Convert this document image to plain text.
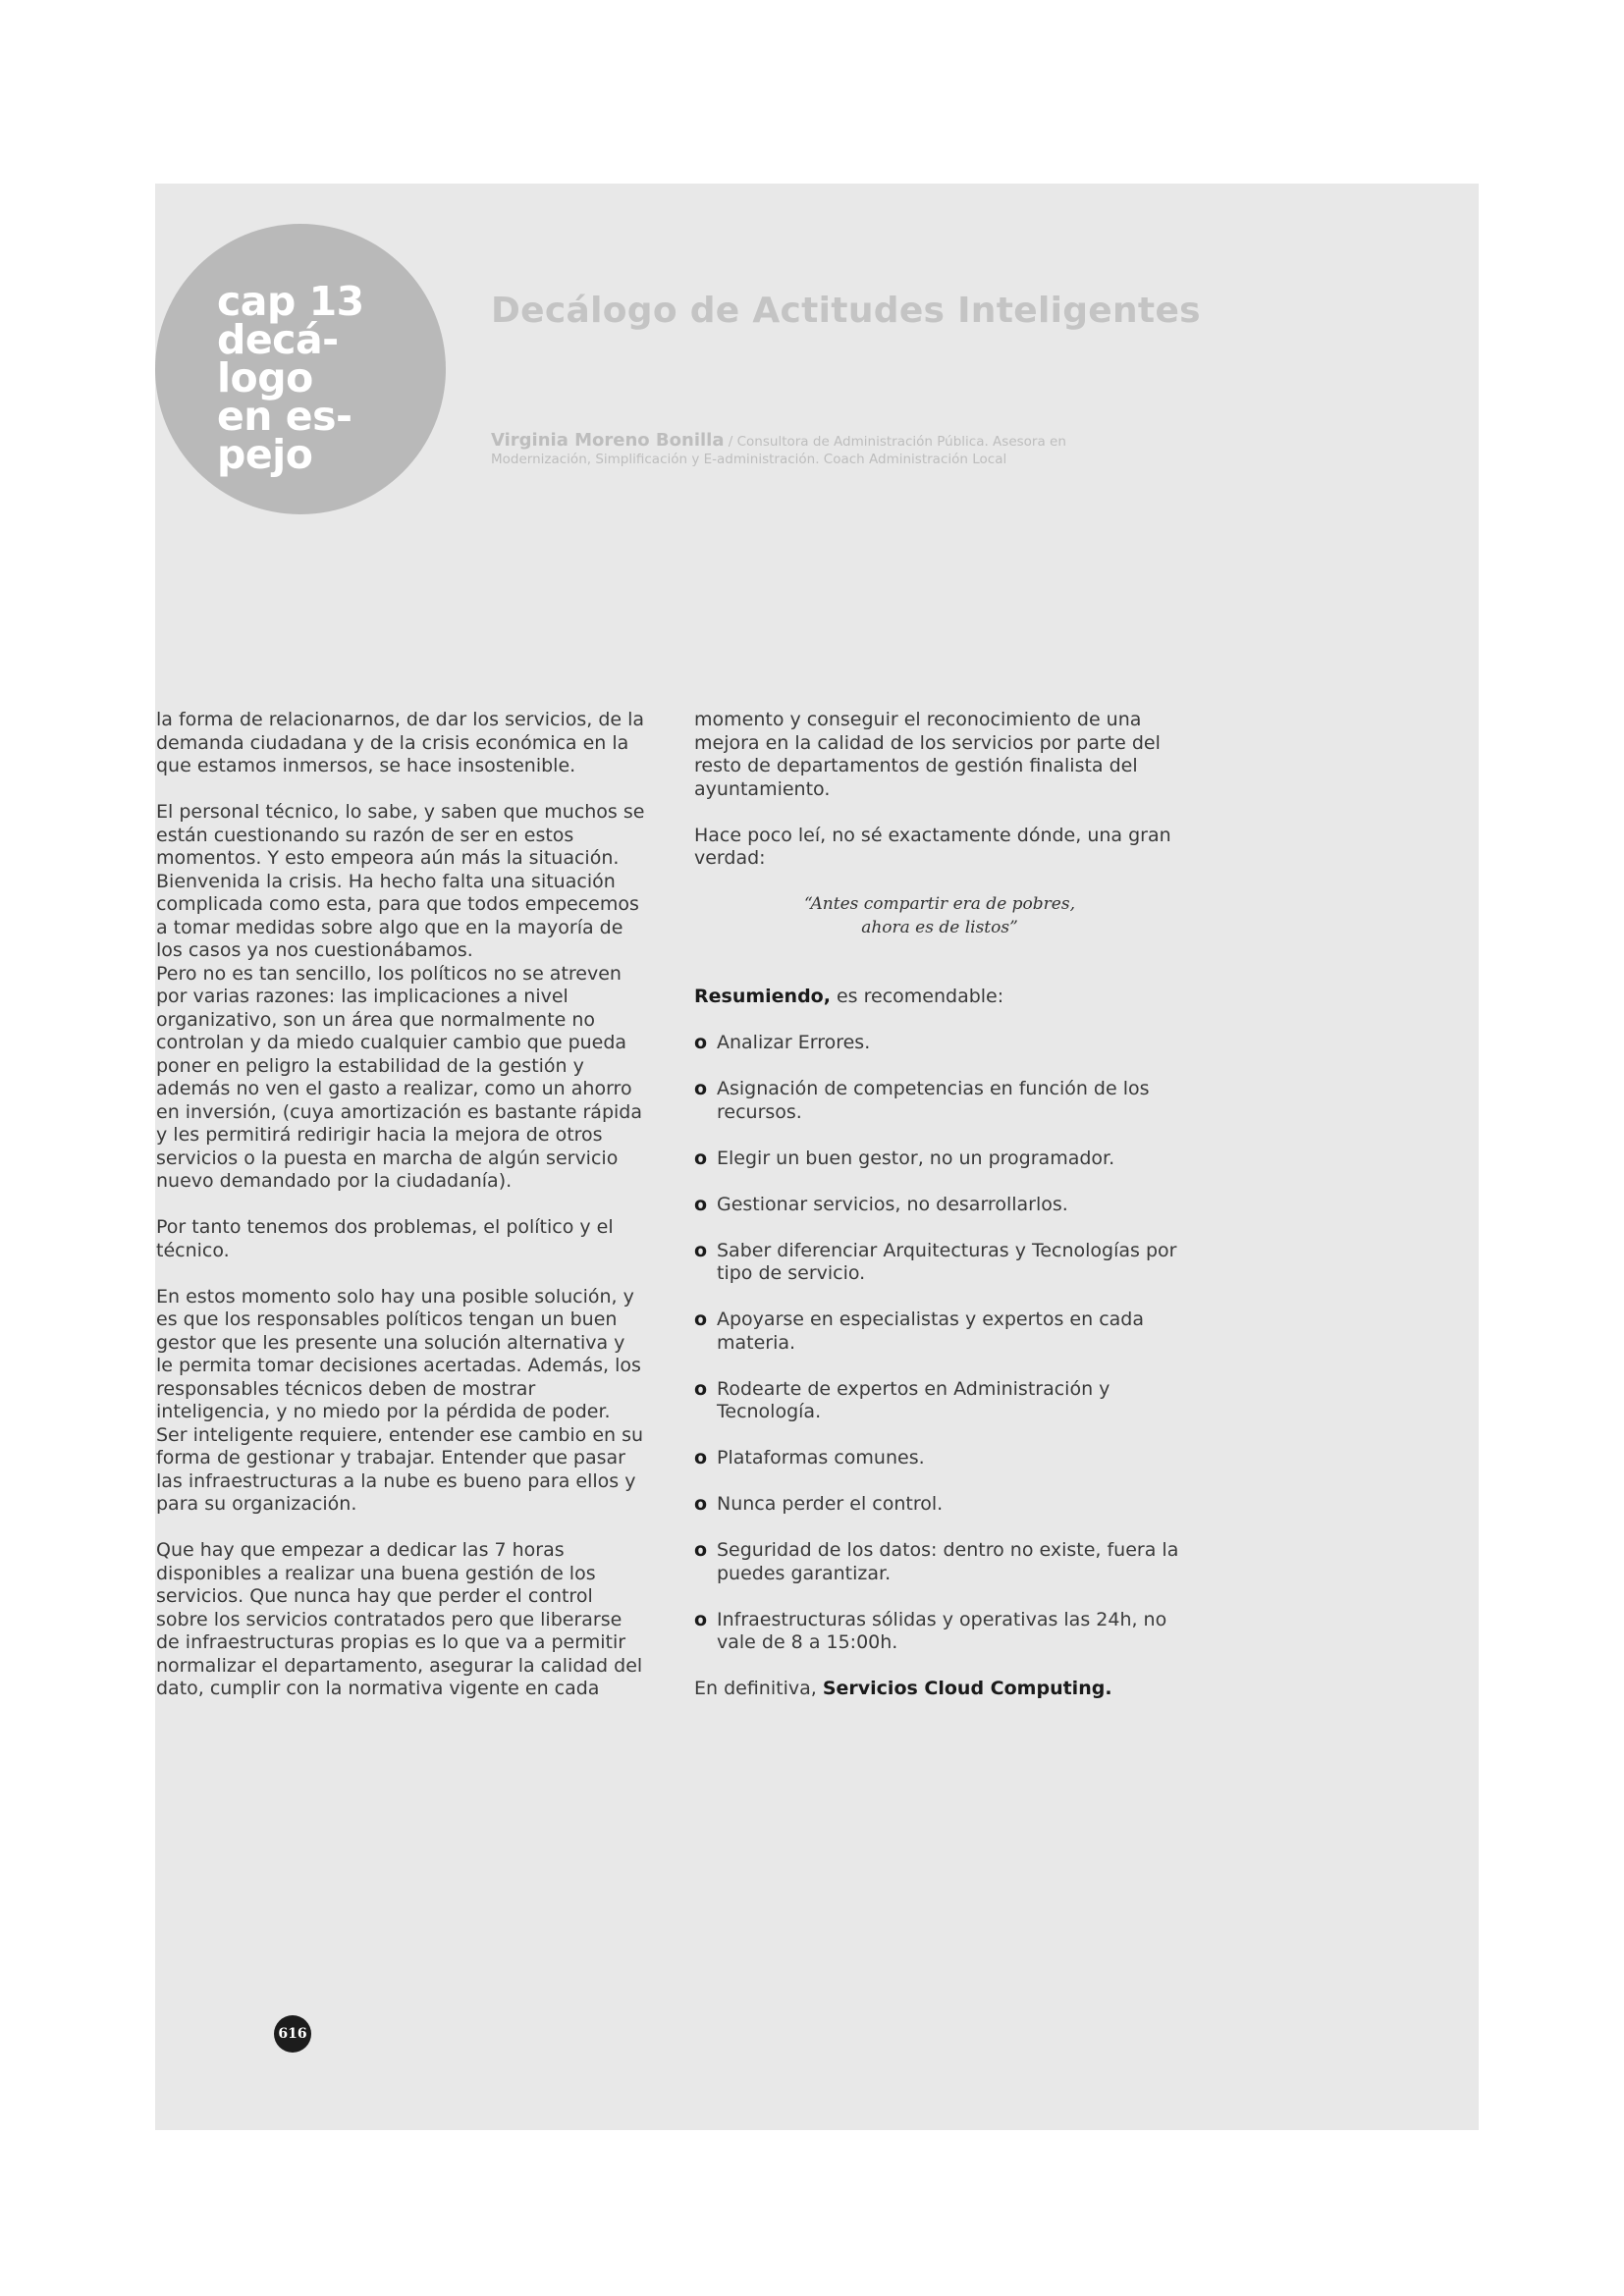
cap 13
decá-
logo
en es-
pejo

Decálogo de Actitudes Inteligentes
Virginia Moreno Bonilla / Consultora de Administración Pública. Asesora en Modernización, Simplificación y E-administración. Coach Administración Local

la forma de relacionarnos, de dar los servicios, de la demanda ciudadana y de la crisis económica en la que estamos inmersos, se hace insostenible.

El personal técnico, lo sabe, y saben que muchos se están cuestionando su razón de ser en estos momentos. Y esto empeora aún más la situación. Bienvenida la crisis. Ha hecho falta una situación complicada como esta, para que todos empecemos a tomar medidas sobre algo que en la mayoría de los casos ya nos cuestionábamos.

Pero no es tan sencillo, los políticos no se atreven por varias razones: las implicaciones a nivel organizativo, son un área que normalmente no controlan y da miedo cualquier cambio que pueda poner en peligro la estabilidad de la gestión y además no ven el gasto a realizar, como un ahorro en inversión, (cuya amortización es bastante rápida y les permitirá redirigir hacia la mejora de otros servicios o la puesta en marcha de algún servicio nuevo demandado por la ciudadanía).

Por tanto tenemos dos problemas, el político y el técnico.

En estos momento solo hay una posible solución, y es que los responsables políticos tengan un buen gestor que les presente una solución alternativa y le permita tomar decisiones acertadas. Además, los responsables técnicos deben de mostrar inteligencia, y no miedo por la pérdida de poder. Ser inteligente requiere, entender ese cambio en su forma de gestionar y trabajar. Entender que pasar las infraestructuras a la nube es bueno para ellos y para su organización.

Que hay que empezar a dedicar las 7 horas disponibles a realizar una buena gestión de los servicios. Que nunca hay que perder el control sobre los servicios contratados pero que liberarse de infraestructuras propias es lo que va a permitir normalizar el departamento, asegurar la calidad del dato, cumplir con la normativa vigente en cada

momento y conseguir el reconocimiento de una mejora en la calidad de los servicios por parte del resto de departamentos de gestión finalista del ayuntamiento.

Hace poco leí, no sé exactamente dónde, una gran verdad:

“Antes compartir era de pobres,
ahora es de listos”

Resumiendo, es recomendable:

o Analizar Errores.
o Asignación de competencias en función de los recursos.
o Elegir un buen gestor, no un programador.
o Gestionar servicios, no desarrollarlos.
o Saber diferenciar Arquitecturas y Tecnologías por tipo de servicio.
o Apoyarse en especialistas y expertos en cada materia.
o Rodearte de expertos en Administración y Tecnología.
o Plataformas comunes.
o Nunca perder el control.
o Seguridad de los datos: dentro no existe, fuera la puedes garantizar.
o Infraestructuras sólidas y operativas las 24h, no vale de 8 a 15:00h.

En definitiva, Servicios Cloud Computing.

616
